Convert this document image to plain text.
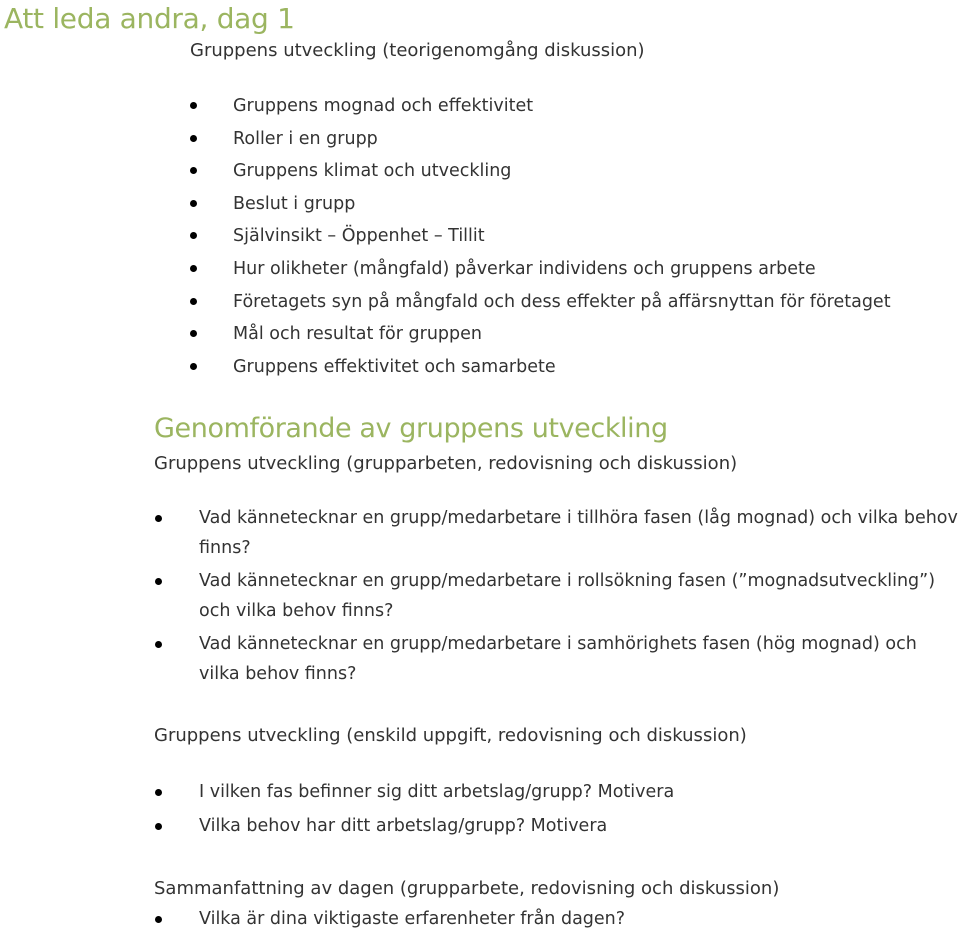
Att leda andra, dag 1
Gruppens utveckling (teorigenomgång diskussion)
Gruppens mognad och effektivitet
Roller i en grupp
Gruppens klimat och utveckling
Beslut i grupp
Självinsikt – Öppenhet – Tillit
Hur olikheter (mångfald) påverkar individens och gruppens arbete
Företagets syn på mångfald och dess effekter på affärsnyttan för företaget
Mål och resultat för gruppen
Gruppens effektivitet och samarbete
Genomförande av gruppens utveckling
Gruppens utveckling (grupparbeten, redovisning och diskussion)
Vad kännetecknar en grupp/medarbetare i tillhöra fasen (låg mognad) och vilka behov finns?
Vad kännetecknar en grupp/medarbetare i rollsökning fasen (”mognadsutveckling”) och vilka behov finns?
Vad kännetecknar en grupp/medarbetare i samhörighets fasen (hög mognad) och vilka behov finns?
Gruppens utveckling (enskild uppgift, redovisning och diskussion)
I vilken fas befinner sig ditt arbetslag/grupp? Motivera
Vilka behov har ditt arbetslag/grupp? Motivera
Sammanfattning av dagen (grupparbete, redovisning och diskussion)
Vilka är dina viktigaste erfarenheter från dagen?
